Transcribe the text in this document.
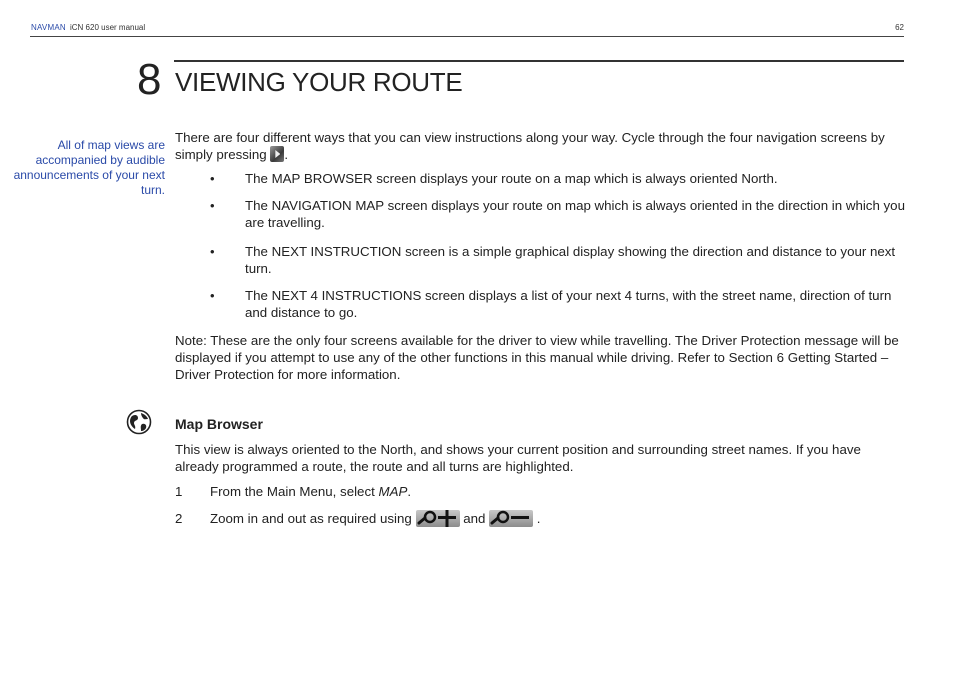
NAVMAN iCN 620 user manual	62
8 VIEWING YOUR ROUTE
All of map views are accompanied by audible announcements of your next turn.
There are four different ways that you can view instructions along your way. Cycle through the four navigation screens by simply pressing .
• The MAP BROWSER screen displays your route on a map which is always oriented North.
• The NAVIGATION MAP screen displays your route on map which is always oriented in the direction in which you are travelling.
• The NEXT INSTRUCTION screen is a simple graphical display showing the direction and distance to your next turn.
• The NEXT 4 INSTRUCTIONS screen displays a list of your next 4 turns, with the street name, direction of turn and distance to go.
Note: These are the only four screens available for the driver to view while travelling. The Driver Protection message will be displayed if you attempt to use any of the other functions in this manual while driving. Refer to Section 6 Getting Started – Driver Protection for more information.
Map Browser
This view is always oriented to the North, and shows your current position and surrounding street names. If you have already programmed a route, the route and all turns are highlighted.
1 From the Main Menu, select MAP.
2 Zoom in and out as required using	and	.
